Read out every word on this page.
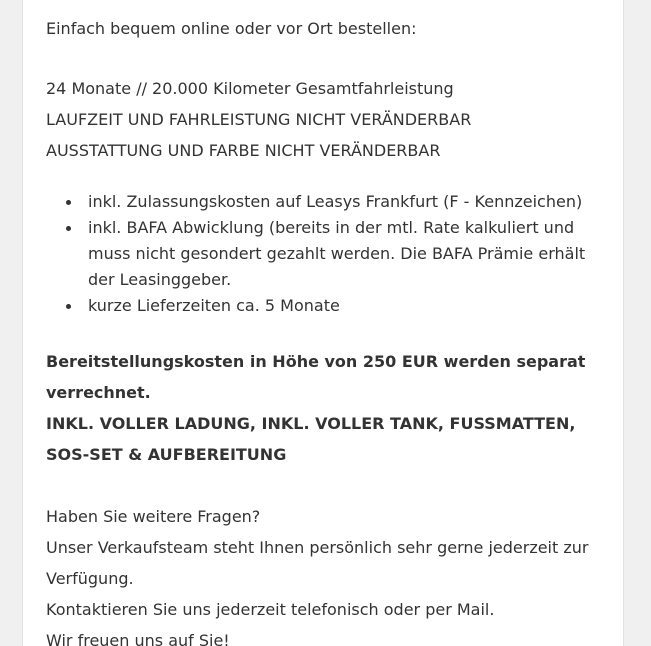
Einfach bequem online oder vor Ort bestellen:

24 Monate // 20.000 Kilometer Gesamtfahrleistung

LAUFZEIT UND FAHRLEISTUNG NICHT VERÄNDERBAR

AUSSTATTUNG UND FARBE NICHT VERÄNDERBAR

inkl. Zulassungskosten auf Leasys Frankfurt (F - Kennzeichen)
inkl. BAFA Abwicklung (bereits in der mtl. Rate kalkuliert und muss nicht gesondert gezahlt werden. Die BAFA Prämie erhält der Leasinggeber.
kurze Lieferzeiten ca. 5 Monate

Bereitstellungskosten in Höhe von 250 EUR werden separat verrechnet.

INKL. VOLLER LADUNG, INKL. VOLLER TANK, FUSSMATTEN, SOS-SET & AUFBEREITUNG

Haben Sie weitere Fragen?

Unser Verkaufsteam steht Ihnen persönlich sehr gerne jederzeit zur Verfügung.

Kontaktieren Sie uns jederzeit telefonisch oder per Mail.

Wir freuen uns auf Sie!
